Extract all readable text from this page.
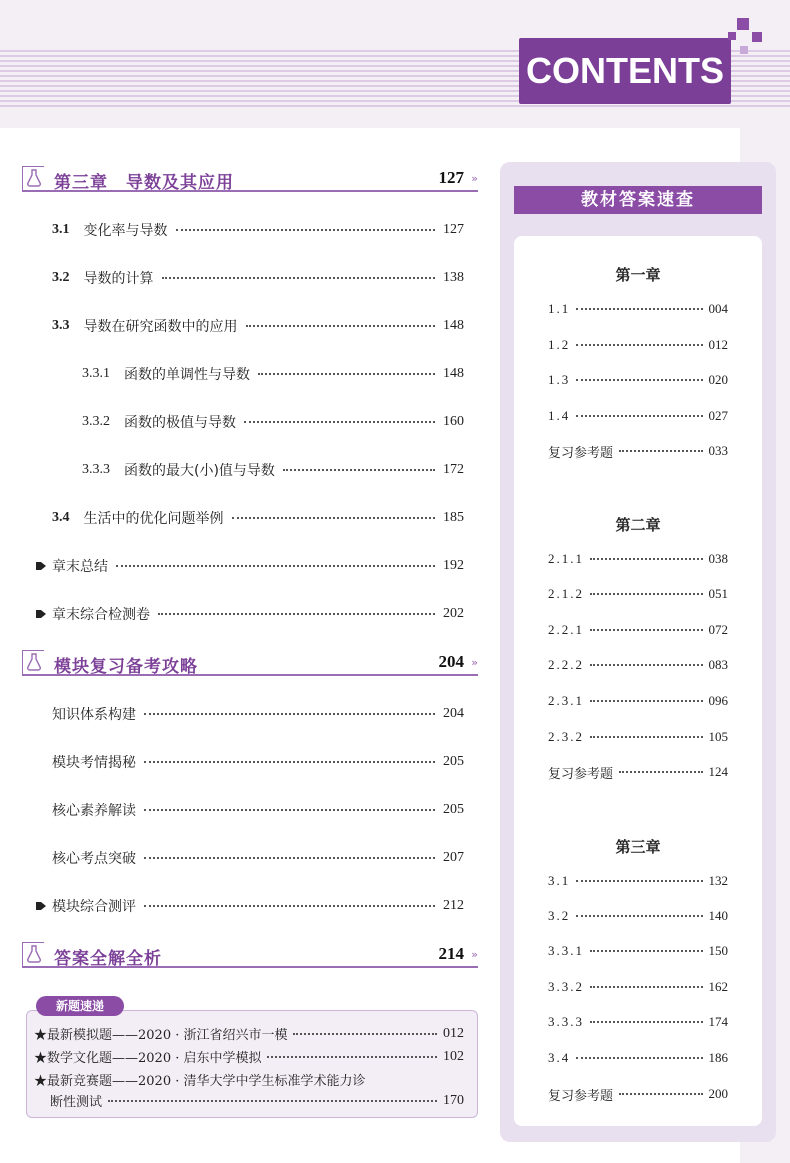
CONTENTS
第三章　导数及其应用	127 »
3.1 变化率与导数	127
3.2 导数的计算	138
3.3 导数在研究函数中的应用	148
3.3.1 函数的单调性与导数	148
3.3.2 函数的极值与导数	160
3.3.3 函数的最大(小)值与导数	172
3.4 生活中的优化问题举例	185
章末总结	192
章末综合检测卷	202
模块复习备考攻略	204 »
知识体系构建	204
模块考情揭秘	205
核心素养解读	205
核心考点突破	207
模块综合测评	212
答案全解全析	214 »
新题速递
★最新模拟题——2020 · 浙江省绍兴市一模	012
★数学文化题——2020 · 启东中学模拟	102
★最新竞赛题——2020 · 清华大学中学生标准学术能力诊
断性测试	170
教材答案速查
第一章
1.1	004
1.2	012
1.3	020
1.4	027
复习参考题	033
第二章
2.1.1	038
2.1.2	051
2.2.1	072
2.2.2	083
2.3.1	096
2.3.2	105
复习参考题	124
第三章
3.1	132
3.2	140
3.3.1	150
3.3.2	162
3.3.3	174
3.4	186
复习参考题	200
